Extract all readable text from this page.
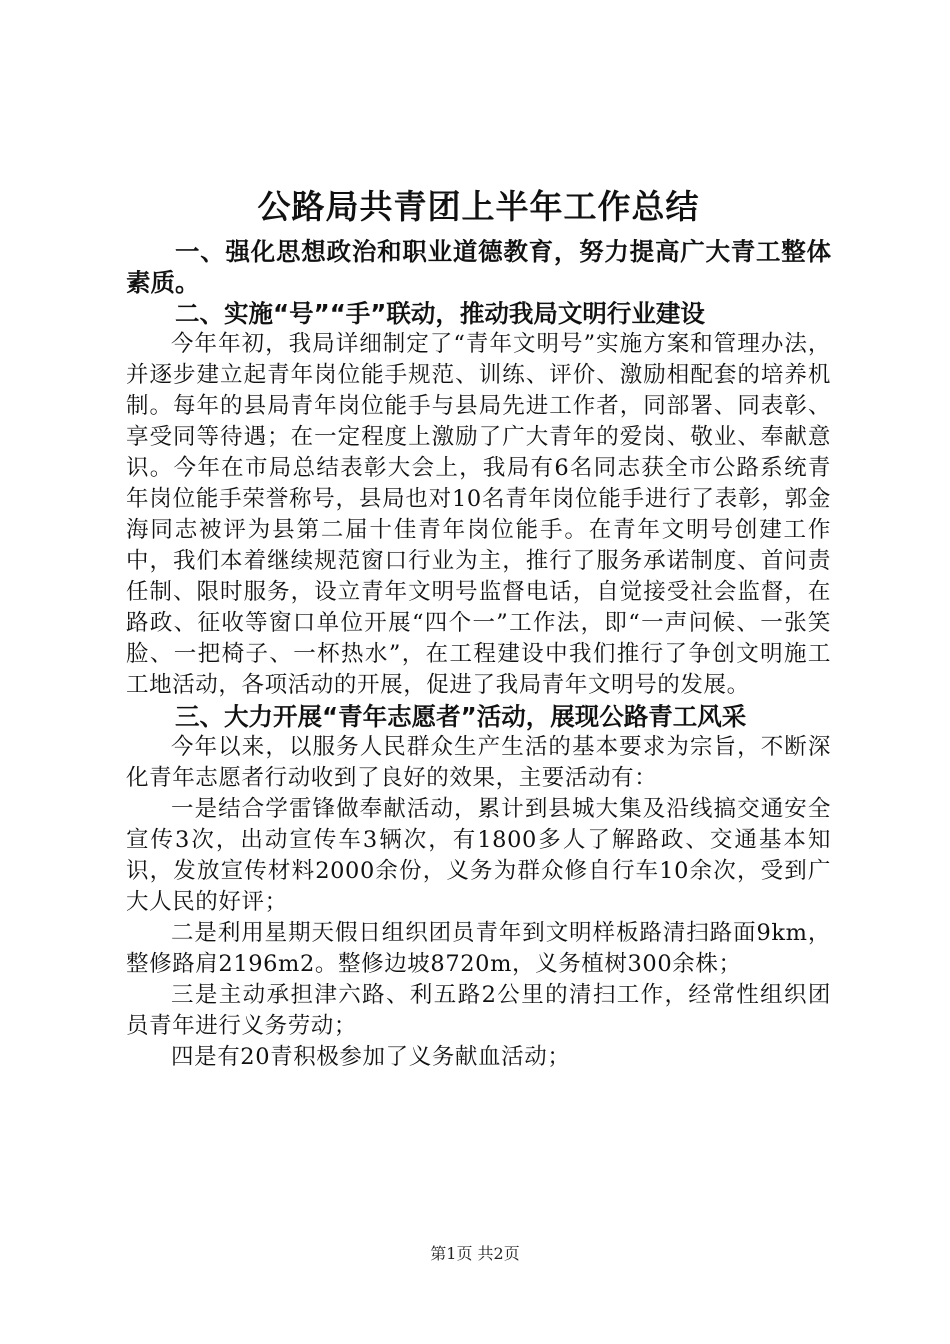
公路局共青团上半年工作总结

一、强化思想政治和职业道德教育，努力提高广大青工整体素质。

二、实施“号”“手”联动，推动我局文明行业建设

今年年初，我局详细制定了“青年文明号”实施方案和管理办法，并逐步建立起青年岗位能手规范、训练、评价、激励相配套的培养机制。每年的县局青年岗位能手与县局先进工作者，同部署、同表彰、享受同等待遇；在一定程度上激励了广大青年的爱岗、敬业、奉献意识。今年在市局总结表彰大会上，我局有6名同志获全市公路系统青年岗位能手荣誉称号，县局也对10名青年岗位能手进行了表彰，郭金海同志被评为县第二届十佳青年岗位能手。在青年文明号创建工作中，我们本着继续规范窗口行业为主，推行了服务承诺制度、首问责任制、限时服务，设立青年文明号监督电话，自觉接受社会监督，在路政、征收等窗口单位开展“四个一”工作法，即“一声问候、一张笑脸、一把椅子、一杯热水”，在工程建设中我们推行了争创文明施工工地活动，各项活动的开展，促进了我局青年文明号的发展。

三、大力开展“青年志愿者”活动，展现公路青工风采

今年以来，以服务人民群众生产生活的基本要求为宗旨，不断深化青年志愿者行动收到了良好的效果，主要活动有：

一是结合学雷锋做奉献活动，累计到县城大集及沿线搞交通安全宣传3次，出动宣传车3辆次，有1800多人了解路政、交通基本知识，发放宣传材料2000余份，义务为群众修自行车10余次，受到广大人民的好评；

二是利用星期天假日组织团员青年到文明样板路清扫路面9km，整修路肩2196m2。整修边坡8720m，义务植树300余株；

三是主动承担津六路、利五路2公里的清扫工作，经常性组织团员青年进行义务劳动；

四是有20青积极参加了义务献血活动；

第1页 共2页
